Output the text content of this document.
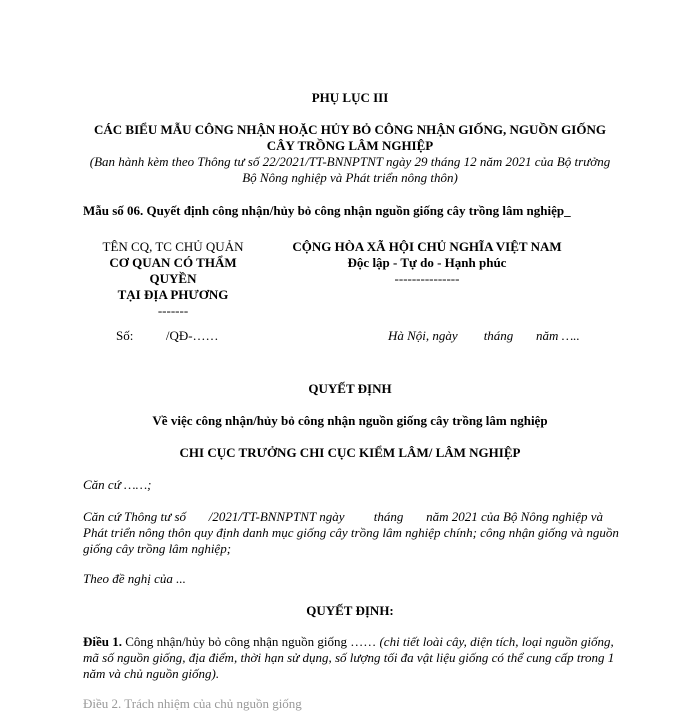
PHỤ LỤC III
CÁC BIỂU MẪU CÔNG NHẬN HOẶC HỦY BỎ CÔNG NHẬN GIỐNG, NGUỒN GIỐNG CÂY TRỒNG LÂM NGHIỆP
(Ban hành kèm theo Thông tư số 22/2021/TT-BNNPTNT ngày 29 tháng 12 năm 2021 của Bộ trưởng Bộ Nông nghiệp và Phát triển nông thôn)
Mẫu số 06. Quyết định công nhận/hủy bỏ công nhận nguồn giống cây trồng lâm nghiệp_
TÊN CQ, TC CHỦ QUẢN
CƠ QUAN CÓ THẨM QUYỀN
TẠI ĐỊA PHƯƠNG
-------
Số:          /QĐ-……
CỘNG HÒA XÃ HỘI CHỦ NGHĨA VIỆT NAM
Độc lập - Tự do - Hạnh phúc
---------------
Hà Nội, ngày        tháng       năm …..
QUYẾT ĐỊNH
Về việc công nhận/hủy bỏ công nhận nguồn giống cây trồng lâm nghiệp
CHI CỤC TRƯỞNG CHI CỤC KIỂM LÂM/ LÂM NGHIỆP
Căn cứ ……;
Căn cứ Thông tư số       /2021/TT-BNNPTNT ngày         tháng       năm 2021 của Bộ Nông nghiệp và Phát triển nông thôn quy định danh mục giống cây trồng lâm nghiệp chính; công nhận giống và nguồn giống cây trồng lâm nghiệp;
Theo đề nghị của ...
QUYẾT ĐỊNH:
Điều 1. Công nhận/hủy bỏ công nhận nguồn giống …… (chi tiết loài cây, diện tích, loại nguồn giống, mã số nguồn giống, địa điểm, thời hạn sử dụng, số lượng tối đa vật liệu giống có thể cung cấp trong 1 năm và chủ nguồn giống).
Điều 2. Trách nhiệm của chủ nguồn giống
